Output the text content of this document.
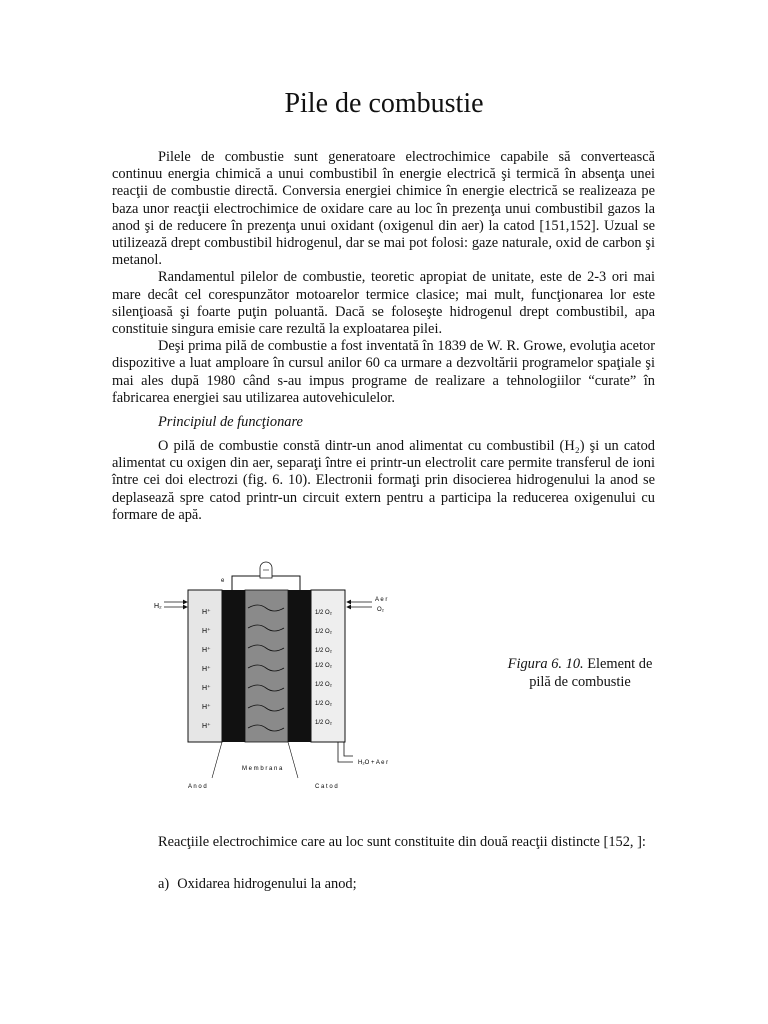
Pile de combustie

Pilele de combustie sunt generatoare electrochimice capabile să convertească continuu energia chimică a unui combustibil în energie electrică şi termică în absenţa unei reacţii de combustie directă. Conversia energiei chimice în energie electrică se realizeaza pe baza unor reacţii electrochimice de oxidare care au loc în prezenţa unui combustibil gazos la anod şi de reducere în prezenţa unui oxidant (oxigenul din aer) la catod [151,152]. Uzual se utilizează drept combustibil hidrogenul, dar se mai pot folosi: gaze naturale, oxid de carbon şi metanol.

Randamentul pilelor de combustie, teoretic apropiat de unitate, este de 2-3 ori mai mare decât cel corespunzător motoarelor termice clasice; mai mult, funcţionarea lor este silenţioasă şi foarte puţin poluantă. Dacă se foloseşte hidrogenul drept combustibil, apa constituie singura emisie care rezultă la exploatarea pilei.

Deşi prima pilă de combustie a fost inventată în 1839 de W. R. Growe, evoluţia acetor dispozitive a luat amploare în cursul anilor 60 ca urmare a dezvoltării programelor spaţiale şi mai ales după 1980 când s-au impus programe de realizare a tehnologiilor “curate” în fabricarea energiei sau utilizarea autovehiculelor.

Principiul de funcţionare

O pilă de combustie constă dintr-un anod alimentat cu combustibil (H₂) şi un catod alimentat cu oxigen din aer, separaţi între ei printr-un electrolit care permite transferul de ioni între cei doi electrozi (fig. 6. 10). Electronii formaţi prin disocierea hidrogenului la anod se deplasează spre catod printr-un circuit extern pentru a participa la reducerea oxigenului cu formare de apă.

e
H⁺
H⁺
H⁺
H⁺
H⁺
H⁺
H⁺
1/2 O₂
1/2 O₂
1/2 O₂
1/2 O₂
1/2 O₂
1/2 O₂
1/2 O₂
H₂
A e r
O₂
H₂O + A e r
M e m b r a n a
A n o d	C a t o d
Figura 6. 10. Element de pilă de combustie

Reacţiile electrochimice care au loc sunt constituite din două reacţii distincte [152, ]:

a) Oxidarea hidrogenului la anod;
